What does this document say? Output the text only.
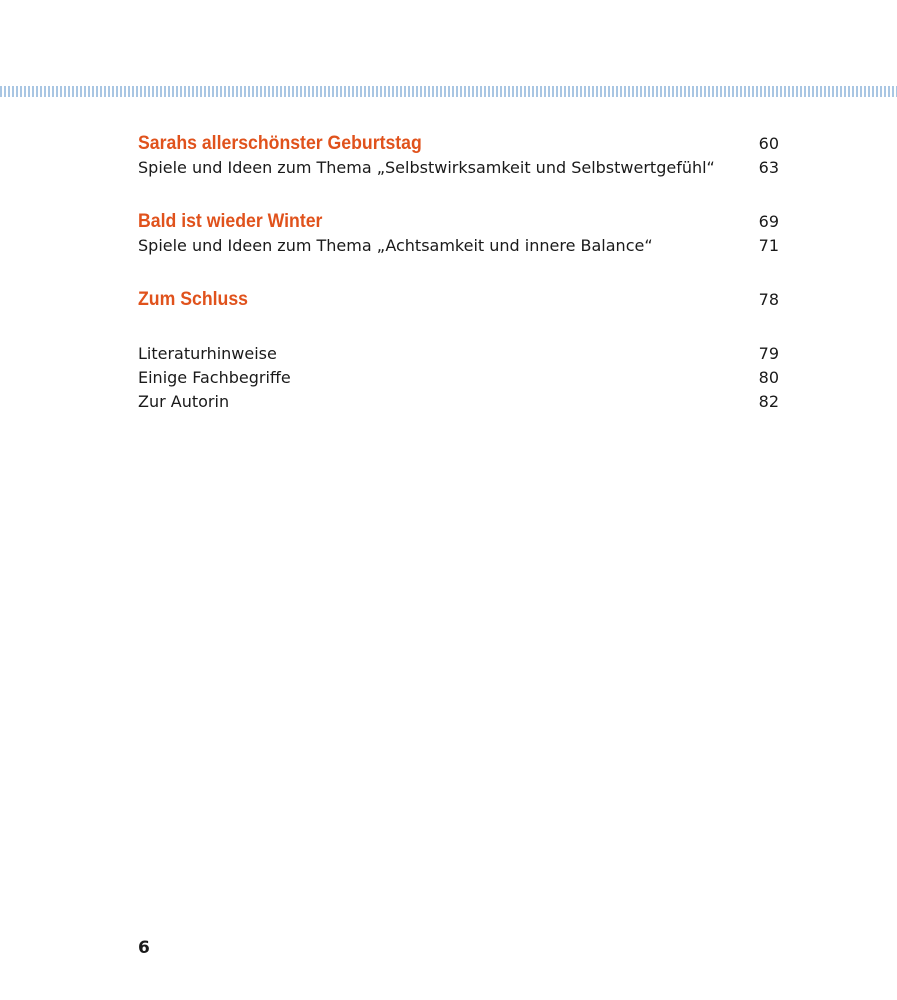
Sarahs allerschönster Geburtstag	60
Spiele und Ideen zum Thema „Selbstwirksamkeit und Selbstwertgefühl“	63
Bald ist wieder Winter	69
Spiele und Ideen zum Thema „Achtsamkeit und innere Balance“	71
Zum Schluss	78
Literaturhinweise	79
Einige Fachbegriffe	80
Zur Autorin	82
6
